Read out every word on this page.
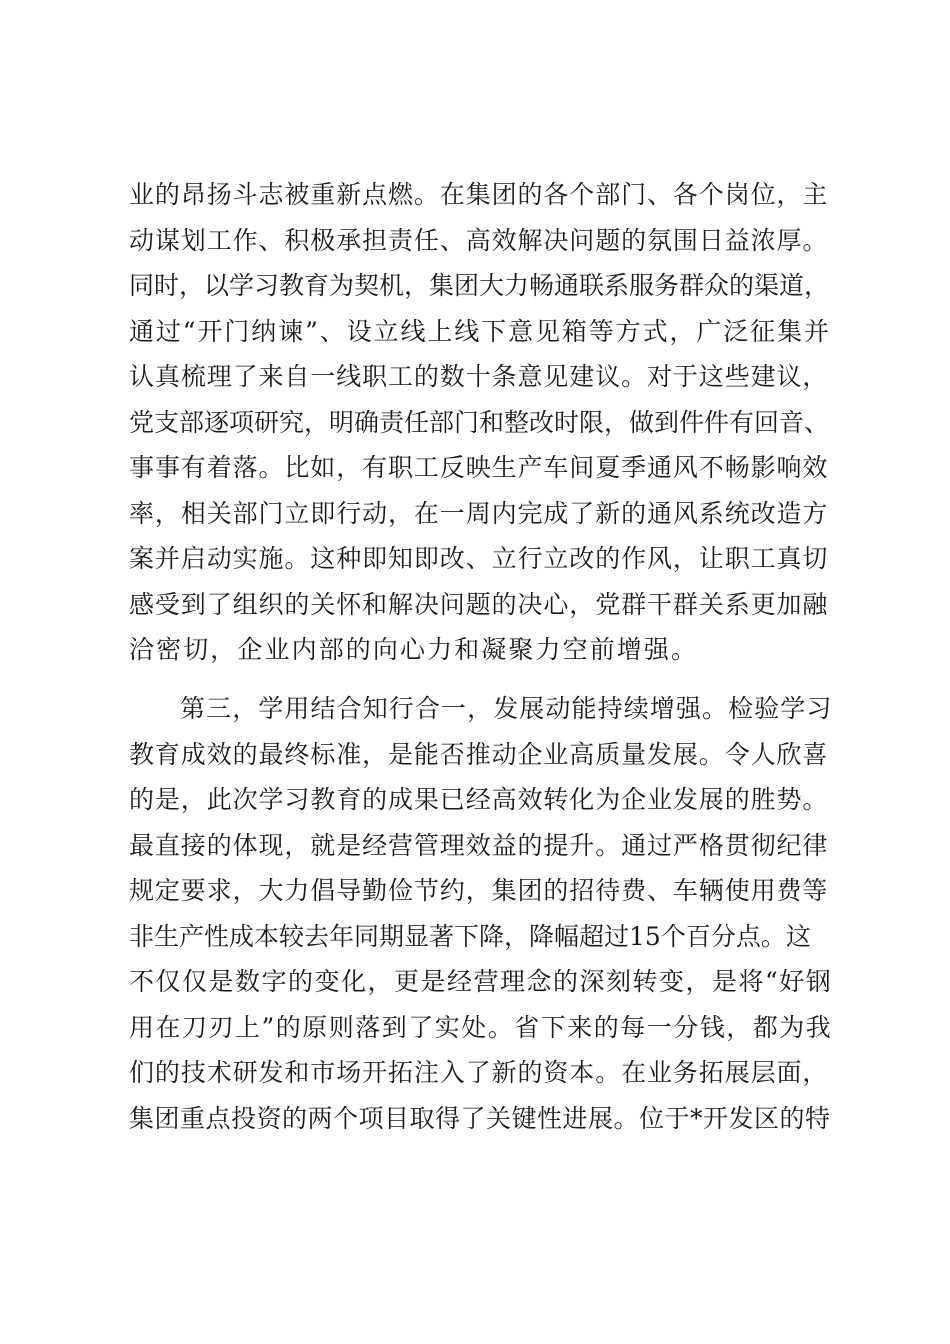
业的昂扬斗志被重新点燃。在集团的各个部门、各个岗位，主
动谋划工作、积极承担责任、高效解决问题的氛围日益浓厚。
同时，以学习教育为契机，集团大力畅通联系服务群众的渠道，
通过“开门纳谏”、设立线上线下意见箱等方式，广泛征集并
认真梳理了来自一线职工的数十条意见建议。对于这些建议，
党支部逐项研究，明确责任部门和整改时限，做到件件有回音、
事事有着落。比如，有职工反映生产车间夏季通风不畅影响效
率，相关部门立即行动，在一周内完成了新的通风系统改造方
案并启动实施。这种即知即改、立行立改的作风，让职工真切
感受到了组织的关怀和解决问题的决心，党群干群关系更加融
洽密切，企业内部的向心力和凝聚力空前增强。
第三，学用结合知行合一，发展动能持续增强。检验学习
教育成效的最终标准，是能否推动企业高质量发展。令人欣喜
的是，此次学习教育的成果已经高效转化为企业发展的胜势。
最直接的体现，就是经营管理效益的提升。通过严格贯彻纪律
规定要求，大力倡导勤俭节约，集团的招待费、车辆使用费等
非生产性成本较去年同期显著下降，降幅超过15个百分点。这
不仅仅是数字的变化，更是经营理念的深刻转变，是将“好钢
用在刀刃上”的原则落到了实处。省下来的每一分钱，都为我
们的技术研发和市场开拓注入了新的资本。在业务拓展层面，
集团重点投资的两个项目取得了关键性进展。位于*开发区的特
